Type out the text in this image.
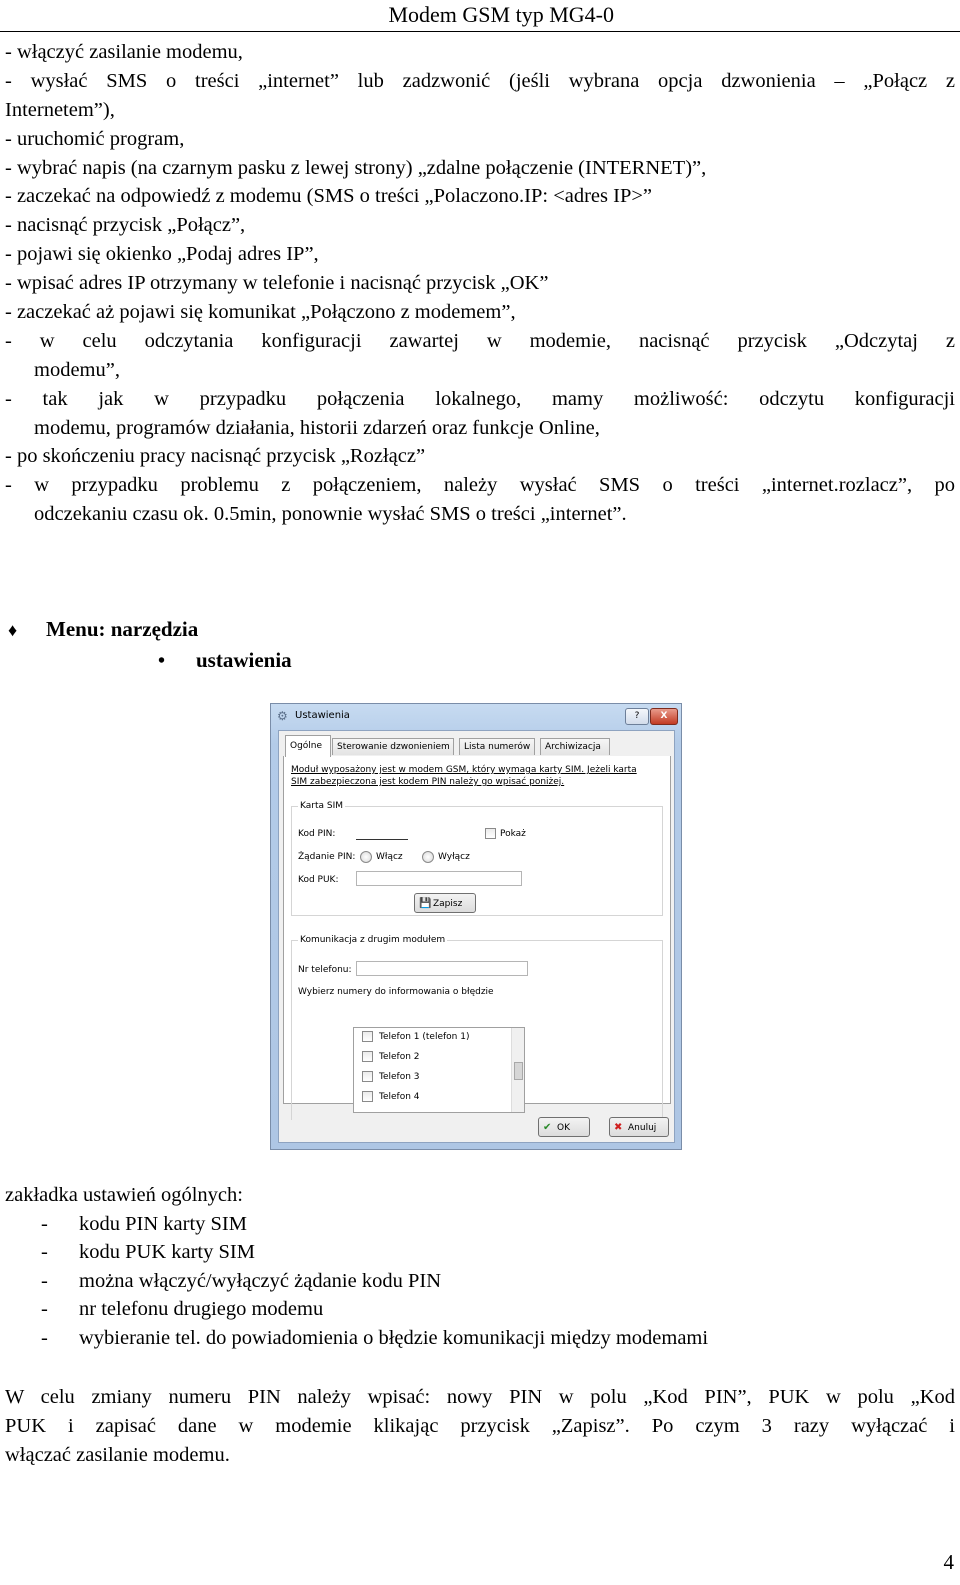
Modem GSM typ MG4-0
- włączyć zasilanie modemu,
- wysłać SMS o treści „internet” lub zadzwonić (jeśli wybrana opcja dzwonienia – „Połącz z
Internetem”),
- uruchomić program,
- wybrać napis (na czarnym pasku z lewej strony) „zdalne połączenie (INTERNET)”,
- zaczekać na odpowiedź z modemu (SMS o treści „Polaczono.IP: <adres IP>”
- nacisnąć przycisk „Połącz”,
- pojawi się okienko „Podaj adres IP”,
- wpisać adres IP otrzymany w telefonie i nacisnąć przycisk „OK”
- zaczekać aż pojawi się komunikat „Połączono z modemem”,
- w celu odczytania konfiguracji zawartej w modemie, nacisnąć przycisk „Odczytaj z
modemu”,
- tak jak w przypadku połączenia lokalnego, mamy możliwość: odczytu konfiguracji
modemu, programów działania, historii zdarzeń oraz funkcje Online,
- po skończeniu pracy nacisnąć przycisk „Rozłącz”
- w przypadku problemu z połączeniem, należy wysłać SMS o treści „internet.rozlacz”, po
odczekaniu czasu ok. 0.5min, ponownie wysłać SMS o treści „internet”.
♦ Menu: narzędzia
• ustawienia
⚙ Ustawienia	?	X
Ogólne	Sterowanie dzwonieniem	Lista numerów	Archiwizacja
Moduł wyposażony jest w modem GSM, który wymaga karty SIM. Jeżeli karta
SIM zabezpieczona jest kodem PIN należy go wpisać poniżej.
Karta SIM
Kod PIN:	Pokaż
Żądanie PIN: Włącz	Wyłącz
Kod PUK:
💾 Zapisz
Komunikacja z drugim modułem
Nr telefonu:
Wybierz numery do informowania o błędzie
Telefon 1 (telefon 1)
Telefon 2
Telefon 3
Telefon 4
✔ OK	✖ Anuluj
zakładka ustawień ogólnych:
- kodu PIN karty SIM
- kodu PUK karty SIM
- można włączyć/wyłączyć żądanie kodu PIN
- nr telefonu drugiego modemu
- wybieranie tel. do powiadomienia o błędzie komunikacji między modemami
W celu zmiany numeru PIN należy wpisać: nowy PIN w polu „Kod PIN”, PUK w polu „Kod
PUK i zapisać dane w modemie klikając przycisk „Zapisz”. Po czym 3 razy wyłączać i
włączać zasilanie modemu.
4
